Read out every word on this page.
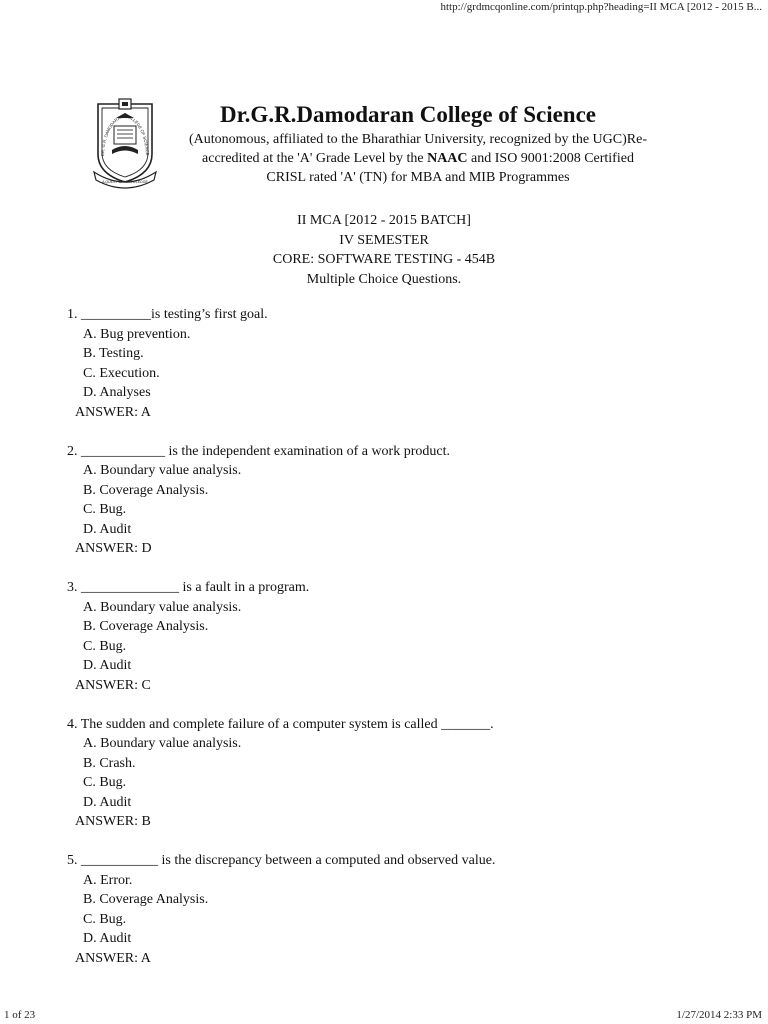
http://grdmcqonline.com/printqp.php?heading=II MCA [2012 - 2015 B...
DR. G.R. DAMODARAN COLLEGE OF SCIENCE
A QUEST OF KNOWLEDGE

Dr.G.R.Damodaran College of Science

(Autonomous, affiliated to the Bharathiar University, recognized by the UGC)Re-

accredited at the 'A' Grade Level by the NAAC and ISO 9001:2008 Certified

CRISL rated 'A' (TN) for MBA and MIB Programmes

II MCA [2012 - 2015 BATCH]

IV SEMESTER

CORE: SOFTWARE TESTING - 454B

Multiple Choice Questions.

1. __________is testing’s first goal.

A. Bug prevention.

B. Testing.

C. Execution.

D. Analyses

ANSWER: A

2. ____________ is the independent examination of a work product.

A. Boundary value analysis.

B. Coverage Analysis.

C. Bug.

D. Audit

ANSWER: D

3. ______________ is a fault in a program.

A. Boundary value analysis.

B. Coverage Analysis.

C. Bug.

D. Audit

ANSWER: C

4. The sudden and complete failure of a computer system is called _______.

A. Boundary value analysis.

B. Crash.

C. Bug.

D. Audit

ANSWER: B

5. ___________ is the discrepancy between a computed and observed value.

A. Error.

B. Coverage Analysis.

C. Bug.

D. Audit

ANSWER: A

1 of 23	1/27/2014 2:33 PM
